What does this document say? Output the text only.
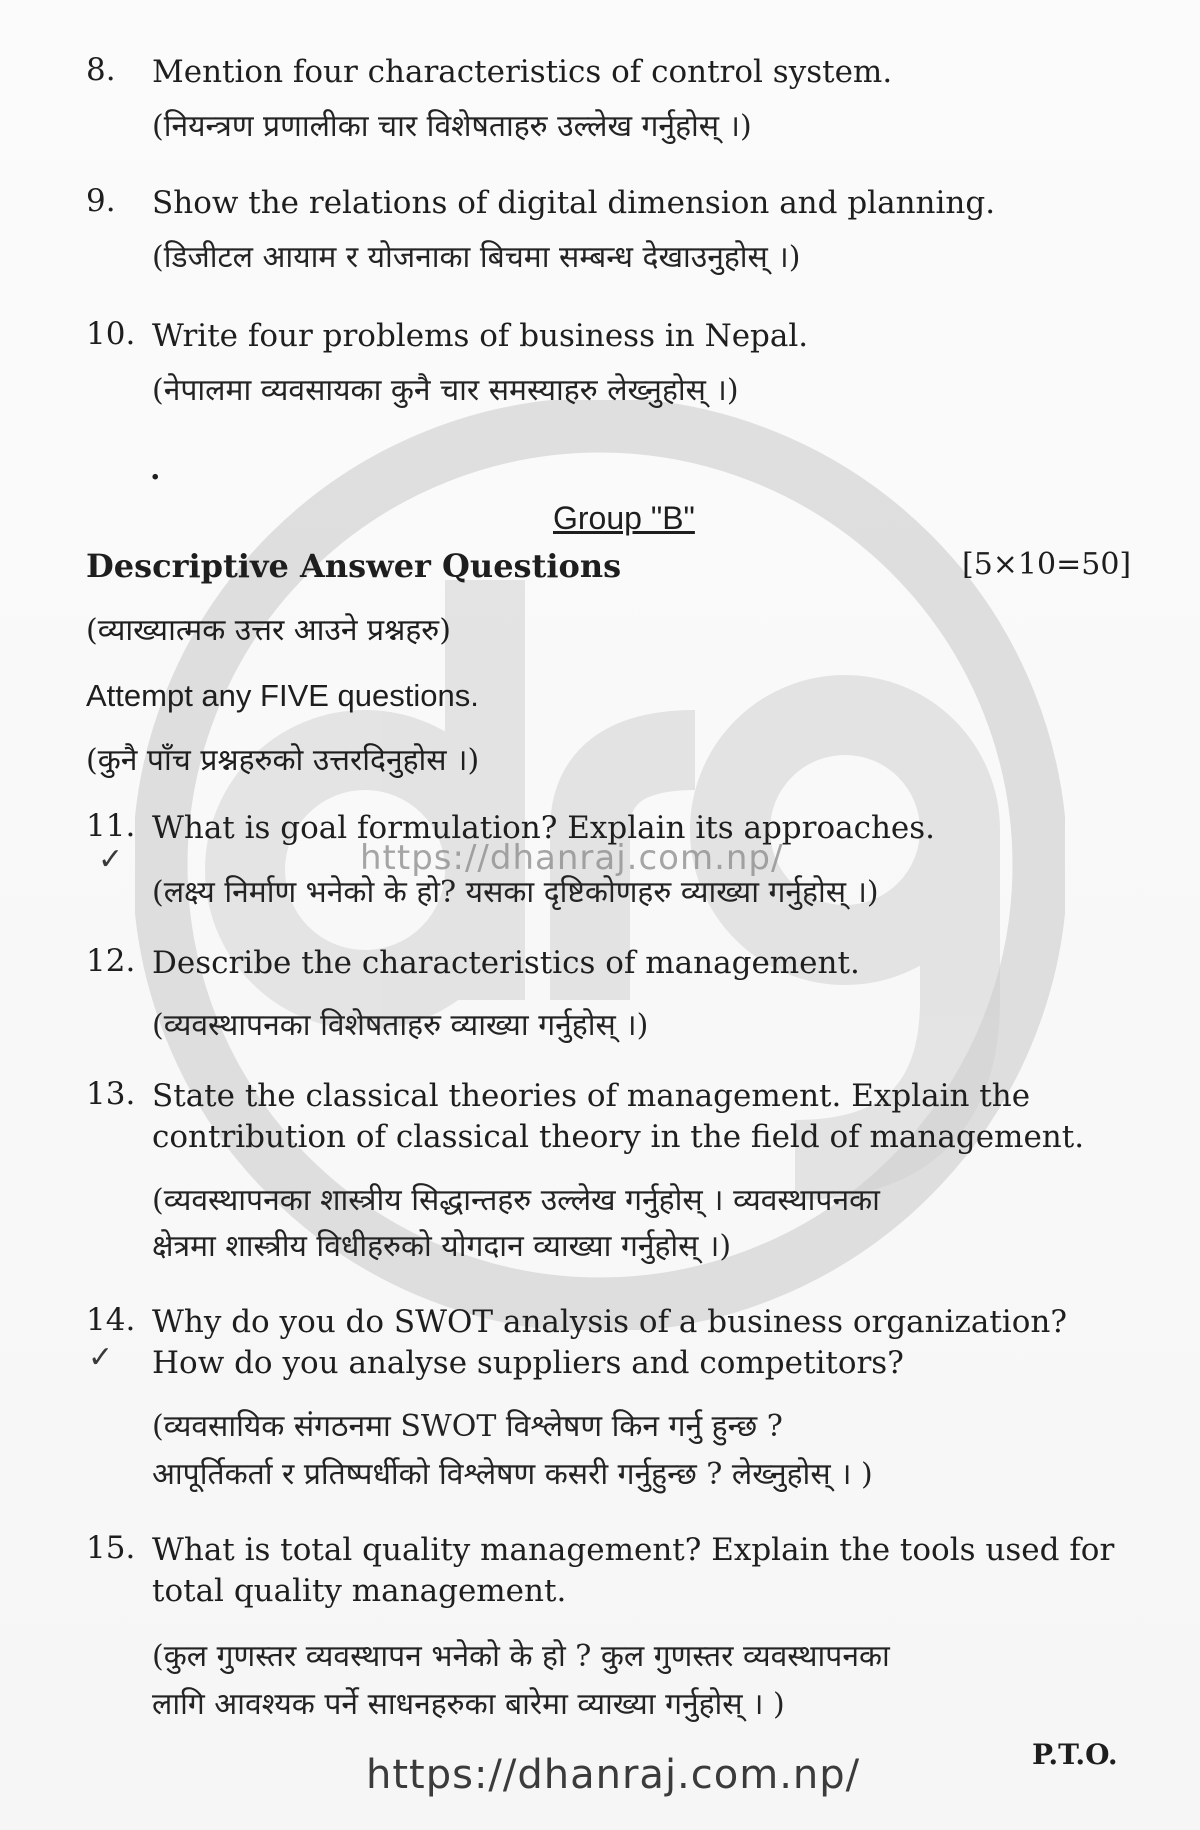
8.	Mention four characteristics of control system.
(नियन्त्रण प्रणालीका चार विशेषताहरु उल्लेख गर्नुहोस् ।)
9.	Show the relations of digital dimension and planning.
(डिजीटल आयाम र योजनाका बिचमा सम्बन्ध देखाउनुहोस् ।)
10. Write four problems of business in Nepal.
(नेपालमा व्यवसायका कुनै चार समस्याहरु लेख्नुहोस् ।)
.
Group "B"
Descriptive Answer Questions	[5×10=50]
(व्याख्यात्मक उत्तर आउने प्रश्नहरु)
Attempt any FIVE questions.
(कुनै पाँच प्रश्नहरुको उत्तरदिनुहोस ।)
https://dhanraj.com.np/
11. What is goal formulation? Explain its approaches.
(लक्ष्य निर्माण भनेको के हो? यसका दृष्टिकोणहरु व्याख्या गर्नुहोस् ।)
✓
12. Describe the characteristics of management.
(व्यवस्थापनका विशेषताहरु व्याख्या गर्नुहोस् ।)
13. State the classical theories of management. Explain the
contribution of classical theory in the field of management.
(व्यवस्थापनका शास्त्रीय सिद्धान्तहरु उल्लेख गर्नुहोस् । व्यवस्थापनका
क्षेत्रमा शास्त्रीय विधीहरुको योगदान व्याख्या गर्नुहोस् ।)
14. Why do you do SWOT analysis of a business organization?
How do you analyse suppliers and competitors?
(व्यवसायिक संगठनमा SWOT विश्लेषण किन गर्नु हुन्छ ?
आपूर्तिकर्ता र प्रतिष्पर्धीको विश्लेषण कसरी गर्नुहुन्छ ? लेख्नुहोस् । )
✓
15. What is total quality management? Explain the tools used for
total quality management.
(कुल गुणस्तर व्यवस्थापन भनेको के हो ? कुल गुणस्तर व्यवस्थापनका
लागि आवश्यक पर्ने साधनहरुका बारेमा व्याख्या गर्नुहोस् । )
P.T.O.
https://dhanraj.com.np/
